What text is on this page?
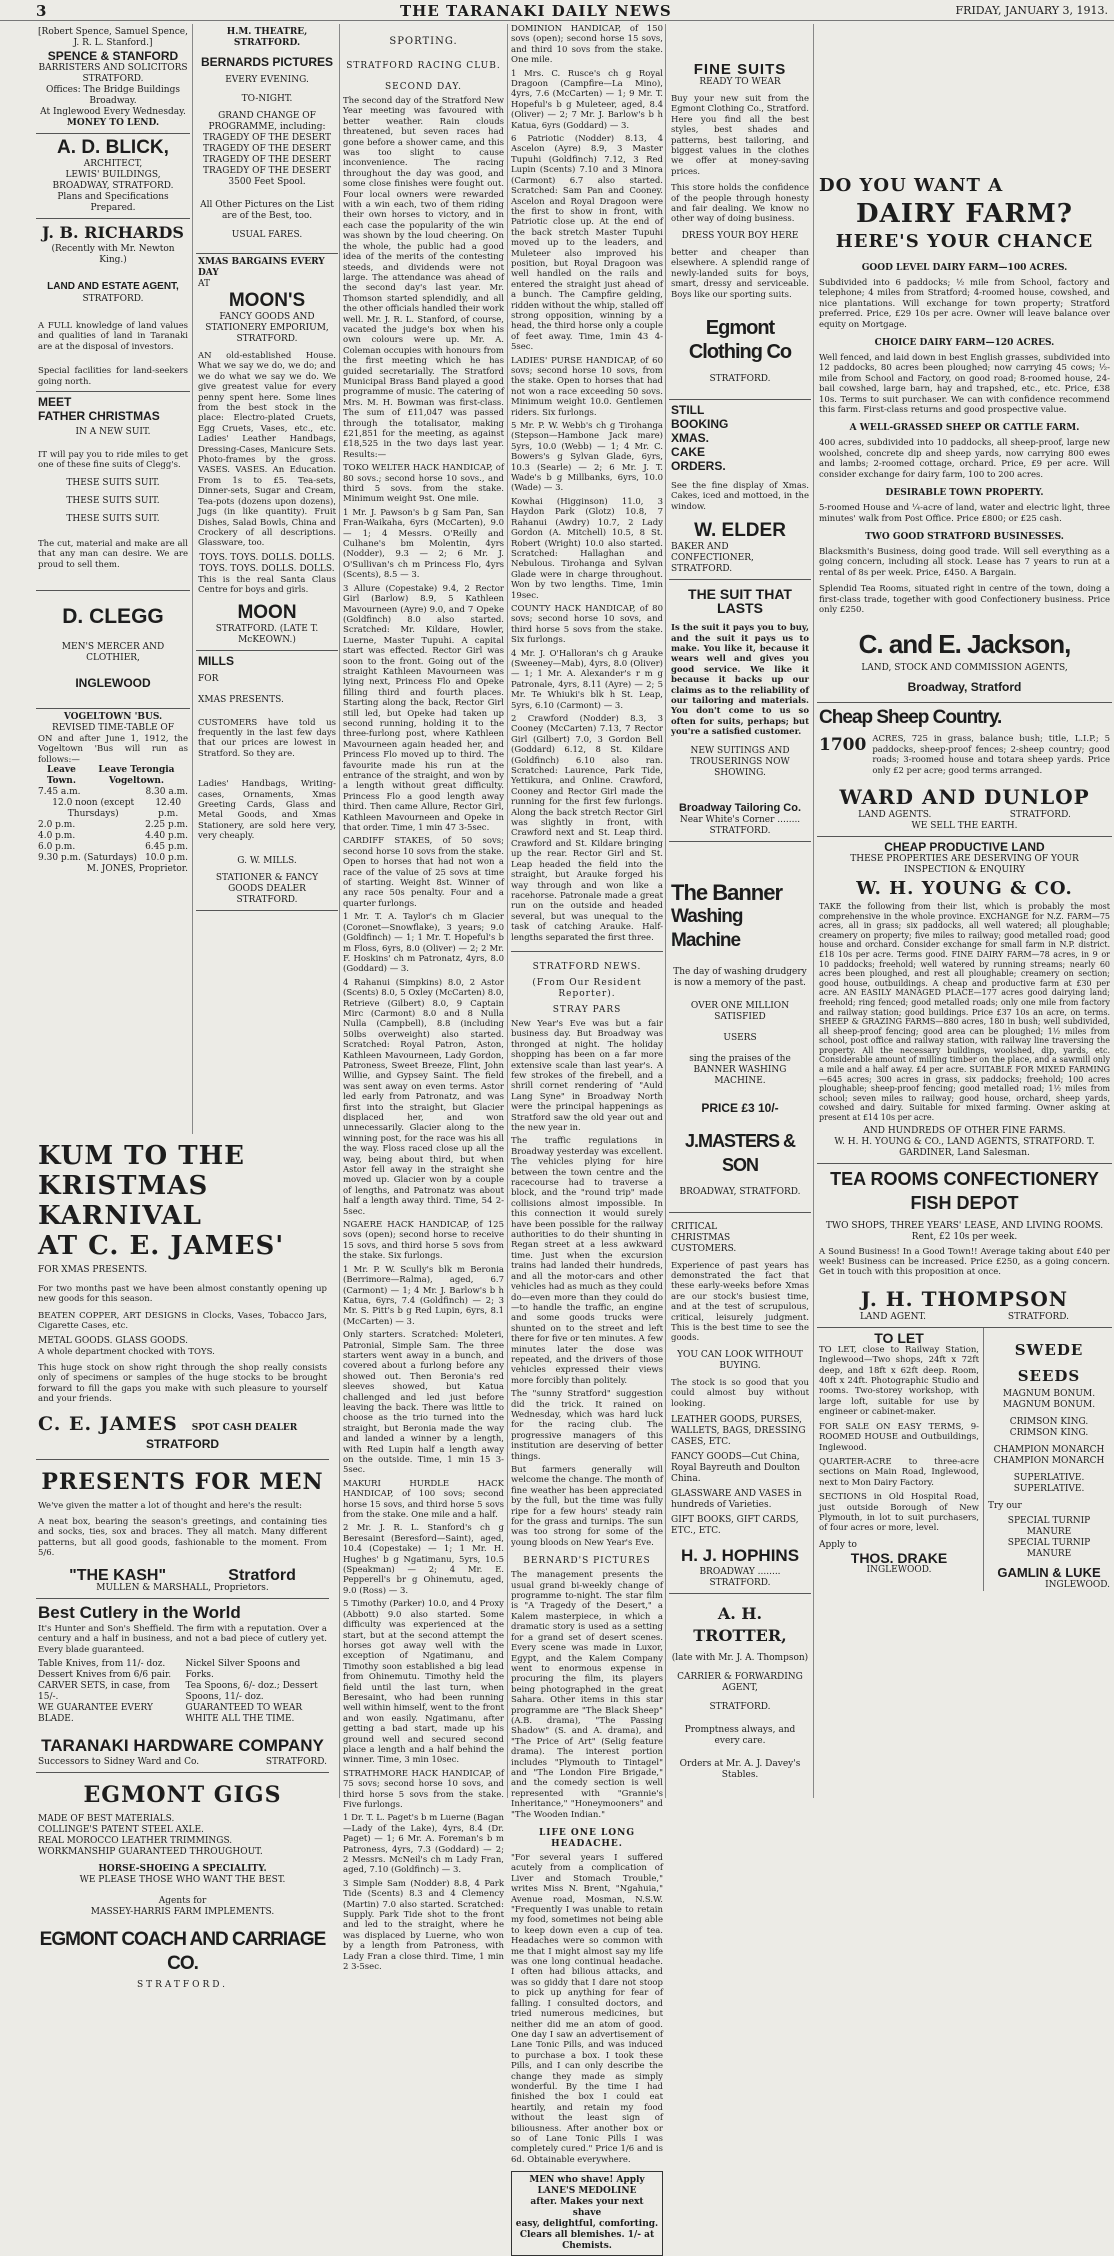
3	THE TARANAKI DAILY NEWS	FRIDAY, JANUARY 3, 1913.
[Robert Spence, Samuel Spence, J. R. L. Stanford.]
SPENCE & STANFORD
BARRISTERS AND SOLICITORS
STRATFORD.
Offices: The Bridge Buildings Broadway.
At Inglewood Every Wednesday.
MONEY TO LEND.
A. D. BLICK,
ARCHITECT,
LEWIS' BUILDINGS, BROADWAY, STRATFORD.
Plans and Specifications Prepared.
J. B. RICHARDS
(Recently with Mr. Newton King.)
LAND AND ESTATE AGENT,
STRATFORD.
A FULL knowledge of land values and qualities of land in Taranaki are at the disposal of investors.
Special facilities for land-seekers going north.
MEET
FATHER CHRISTMAS
IN A NEW SUIT.
IT will pay you to ride miles to get one of these fine suits of Clegg's.
THESE SUITS SUIT.
THESE SUITS SUIT.
THESE SUITS SUIT.
The cut, material and make are all that any man can desire. We are proud to sell them.
D. CLEGG
MEN'S MERCER AND CLOTHIER,
INGLEWOOD
VOGELTOWN 'BUS.
REVISED TIME-TABLE OF
ON and after June 1, 1912, the Vogeltown 'Bus will run as follows:—
Leave Town.
Leave Terongia Vogeltown.
7.45 a.m.	8.30 a.m.
12.0 noon (except Thursdays)
12.40 p.m.
2.0 p.m.	2.25 p.m.
4.0 p.m.	4.40 p.m.
6.0 p.m.	6.45 p.m.
9.30 p.m. (Saturdays) 10.0 p.m.
M. JONES, Proprietor.
H.M. THEATRE, STRATFORD.
BERNARDS PICTURES
EVERY EVENING.
TO-NIGHT.
GRAND CHANGE OF PROGRAMME, including:
TRAGEDY OF THE DESERT
TRAGEDY OF THE DESERT
TRAGEDY OF THE DESERT
TRAGEDY OF THE DESERT
3500 Feet Spool.
All Other Pictures on the List are of the Best, too.
USUAL FARES.
XMAS BARGAINS EVERY DAY
AT
MOON'S
FANCY GOODS AND STATIONERY EMPORIUM, STRATFORD.
AN old-established House. What we say we do, we do; and we do what we say we do. We give greatest value for every penny spent here. Some lines from the best stock in the place: Electro-plated Cruets, Egg Cruets, Vases, etc., etc. Ladies' Leather Handbags, Dressing-Cases, Manicure Sets. Photo-frames by the gross. VASES. VASES. An Education. From 1s to £5. Tea-sets, Dinner-sets, Sugar and Cream, Tea-pots (dozens upon dozens), Jugs (in like quantity). Fruit Dishes, Salad Bowls, China and Crockery of all descriptions. Glassware, too.
TOYS. TOYS. DOLLS. DOLLS.
TOYS. TOYS. DOLLS. DOLLS.
This is the real Santa Claus Centre for boys and girls.
MOON
STRATFORD. (LATE T. McKEOWN.)
MILLS
FOR
XMAS PRESENTS.
CUSTOMERS have told us frequently in the last few days that our prices are lowest in Stratford. So they are.
Ladies' Handbags, Writing-cases, Ornaments, Xmas Greeting Cards, Glass and Metal Goods, and Xmas Stationery, are sold here very, very cheaply.
G. W. MILLS.
STATIONER & FANCY GOODS DEALER
STRATFORD.
KUM TO THE
KRISTMAS KARNIVAL
AT C. E. JAMES'
FOR XMAS PRESENTS.
For two months past we have been almost constantly opening up new goods for this season.
BEATEN COPPER, ART DESIGNS in Clocks, Vases, Tobacco Jars, Cigarette Cases, etc.
METAL GOODS. GLASS GOODS.
A whole department chocked with TOYS.
This huge stock on show right through the shop really consists only of specimens or samples of the huge stocks to be brought forward to fill the gaps you make with such pleasure to yourself and your friends.
C. E. JAMES SPOT CASH DEALER
STRATFORD
PRESENTS FOR MEN
We've given the matter a lot of thought and here's the result:
A neat box, bearing the season's greetings, and containing ties and socks, ties, sox and braces. They all match. Many different patterns, but all good goods, fashionable to the moment. From 5/6.
"THE KASH"	Stratford
MULLEN & MARSHALL, Proprietors.
Best Cutlery in the World
It's Hunter and Son's Sheffield. The firm with a reputation. Over a century and a half in business, and not a bad piece of cutlery yet. Every blade guaranteed.
Table Knives, from 11/- doz.
Dessert Knives from 6/6 pair.
CARVER SETS, in case, from 15/-.
WE GUARANTEE EVERY BLADE.
Nickel Silver Spoons and Forks.
Tea Spoons, 6/- doz.; Dessert Spoons, 11/- doz.
GUARANTEED TO WEAR WHITE ALL THE TIME.
TARANAKI HARDWARE COMPANY
Successors to Sidney Ward and Co.	STRATFORD.
EGMONT GIGS
MADE OF BEST MATERIALS.
COLLINGE'S PATENT STEEL AXLE.
REAL MOROCCO LEATHER TRIMMINGS.
WORKMANSHIP GUARANTEED THROUGHOUT.
HORSE-SHOEING A SPECIALITY.
WE PLEASE THOSE WHO WANT THE BEST.
Agents for
MASSEY-HARRIS FARM IMPLEMENTS.
EGMONT COACH AND CARRIAGE CO.
STRATFORD.
SPORTING.
STRATFORD RACING CLUB.
SECOND DAY.
The second day of the Stratford New Year meeting was favoured with better weather. Rain clouds threatened, but seven races had gone before a shower came, and this was too slight to cause inconvenience. The racing throughout the day was good, and some close finishes were fought out. Four local owners were rewarded with a win each, two of them riding their own horses to victory, and in each case the popularity of the win was shown by the loud cheering. On the whole, the public had a good idea of the merits of the contesting steeds, and dividends were not large. The attendance was ahead of the second day's last year. Mr. Thomson started splendidly, and all the other officials handled their work well. Mr. J. R. L. Stanford, of course, vacated the judge's box when his own colours were up. Mr. A. Coleman occupies with honours from the first meeting which he has guided secretarially. The Stratford Municipal Brass Band played a good programme of music. The catering of Mrs. M. H. Bowman was first-class. The sum of £11,047 was passed through the totalisator, making £21,851 for the meeting, as against £18,525 in the two days last year. Results:—
TOKO WELTER HACK HANDICAP, of 80 sovs.; second horse 10 sovs., and third 5 sovs. from the stake. Minimum weight 9st. One mile.
1 Mr. J. Pawson's b g Sam Pan, San Fran-Waikaha, 6yrs (McCarten), 9.0 — 1; 4 Messrs. O'Reilly and Culhane's bm Molentin, 4yrs (Nodder), 9.3 — 2; 6 Mr. J. O'Sullivan's ch m Princess Flo, 4yrs (Scents), 8.5 — 3.
3 Allure (Copestake) 9.4, 2 Rector Girl (Barlow) 8.9, 5 Kathleen Mavourneen (Ayre) 9.0, and 7 Opeke (Goldfinch) 8.0 also started. Scratched: Mr. Kildare, Howler, Luerne, Master Tupuhi. A capital start was effected. Rector Girl was soon to the front. Going out of the straight Kathleen Mavourneen was lying next, Princess Flo and Opeke filling third and fourth places. Starting along the back, Rector Girl still led, but Opeke had taken up second running, holding it to the three-furlong post, where Kathleen Mavourneen again headed her, and Princess Flo moved up to third. The favourite made his run at the entrance of the straight, and won by a length without great difficulty. Princess Flo a good length away third. Then came Allure, Rector Girl, Kathleen Mavourneen and Opeke in that order. Time, 1 min 47 3-5sec.
CARDIFF STAKES, of 50 sovs; second horse 10 sovs from the stake. Open to horses that had not won a race of the value of 25 sovs at time of starting. Weight 8st. Winner of any race 50s penalty. Four and a quarter furlongs.
1 Mr. T. A. Taylor's ch m Glacier (Coronet—Snowflake), 3 years; 9.0 (Goldfinch) — 1; 1 Mr. T. Hopeful's b m Floss, 6yrs, 8.0 (Oliver) — 2; 2 Mr. F. Hoskins' ch m Patronatz, 4yrs, 8.0 (Goddard) — 3.
4 Rahanui (Simpkins) 8.0, 2 Astor (Scents) 8.0, 5 Oxley (McCarten) 8.0, Retrieve (Gilbert) 8.0, 9 Captain Mirc (Carmont) 8.0 and 8 Nulla Nulla (Campbell), 8.8 (including 50lbs overweight) also started. Scratched: Royal Patron, Aston, Kathleen Mavourneen, Lady Gordon, Patroness, Sweet Breeze, Flint, John Willie, and Gypsey Saint. The field was sent away on even terms. Astor led early from Patronatz, and was first into the straight, but Glacier displaced her, and won unnecessarily. Glacier along to the winning post, for the race was his all the way. Floss raced close up all the way, being about third, but when Astor fell away in the straight she moved up. Glacier won by a couple of lengths, and Patronatz was about half a length away third. Time, 54 2-5sec.
NGAERE HACK HANDICAP, of 125 sovs (open); second horse to receive 15 sovs, and third horse 5 sovs from the stake. Six furlongs.
1 Mr. P. W. Scully's blk m Beronia (Berrimore—Ralma), aged, 6.7 (Carmont) — 1; 4 Mr. J. Barlow's b h Katua, 6yrs, 7.4 (Goldfinch) — 2; 3 Mr. S. Pitt's b g Red Lupin, 6yrs, 8.1 (McCarten) — 3.
Only starters. Scratched: Moleteri, Patronial, Simple Sam. The three starters went away in a bunch, and covered about a furlong before any showed out. Then Beronia's red sleeves showed, but Katua challenged and led just before leaving the back. There was little to choose as the trio turned into the straight, but Beronia made the way and landed a winner by a length, with Red Lupin half a length away on the outside. Time, 1 min 15 3-5sec.
MAKURI HURDLE HACK HANDICAP, of 100 sovs; second horse 15 sovs, and third horse 5 sovs from the stake. One mile and a half.
2 Mr. J. R. L. Stanford's ch g Beresaint (Beresford—Saint), aged, 10.4 (Copestake) — 1; 1 Mr. H. Hughes' b g Ngatimanu, 5yrs, 10.5 (Speakman) — 2; 4 Mr. E. Pepperell's br g Ohinemutu, aged, 9.0 (Ross) — 3.
5 Timothy (Parker) 10.0, and 4 Proxy (Abbott) 9.0 also started. Some difficulty was experienced at the start, but at the second attempt the horses got away well with the exception of Ngatimanu, and Timothy soon established a big lead from Ohinemutu. Timothy held the field until the last turn, when Beresaint, who had been running well within himself, went to the front and won easily. Ngatimanu, after getting a bad start, made up his ground well and secured second place a length and a half behind the winner. Time, 3 min 10sec.
STRATHMORE HACK HANDICAP, of 75 sovs; second horse 10 sovs, and third horse 5 sovs from the stake. Five furlongs.
1 Dr. T. L. Paget's b m Luerne (Bagan—Lady of the Lake), 4yrs, 8.4 (Dr. Paget) — 1; 6 Mr. A. Foreman's b m Patroness, 4yrs, 7.3 (Goddard) — 2; 2 Messrs. McNeil's ch m Lady Fran, aged, 7.10 (Goldfinch) — 3.
3 Simple Sam (Nodder) 8.8, 4 Park Tide (Scents) 8.3 and 4 Clemency (Martin) 7.0 also started. Scratched: Supply. Park Tide shot to the front and led to the straight, where he was displaced by Luerne, who won by a length from Patroness, with Lady Fran a close third. Time, 1 min 2 3-5sec.
DOMINION HANDICAP, of 150 sovs (open); second horse 15 sovs, and third 10 sovs from the stake. One mile.
1 Mrs. C. Rusce's ch g Royal Dragoon (Campfire—La Mino), 4yrs, 7.6 (McCarten) — 1; 9 Mr. T. Hopeful's b g Muleteer, aged, 8.4 (Oliver) — 2; 7 Mr. J. Barlow's b h Katua, 6yrs (Goddard) — 3.
6 Patriotic (Nodder) 8.13, 4 Ascelon (Ayre) 8.9, 3 Master Tupuhi (Goldfinch) 7.12, 3 Red Lupin (Scents) 7.10 and 3 Minora (Carmont) 6.7 also started. Scratched: Sam Pan and Cooney. Ascelon and Royal Dragoon were the first to show in front, with Patriotic close up. At the end of the back stretch Master Tupuhi moved up to the leaders, and Muleteer also improved his position, but Royal Dragoon was well handled on the rails and entered the straight just ahead of a bunch. The Campfire gelding, ridden without the whip, stalled off strong opposition, winning by a head, the third horse only a couple of feet away. Time, 1min 43 4-5sec.
LADIES' PURSE HANDICAP, of 60 sovs; second horse 10 sovs, from the stake. Open to horses that had not won a race exceeding 50 sovs. Minimum weight 10.0. Gentlemen riders. Six furlongs.
5 Mr. P. W. Webb's ch g Tirohanga (Stepson—Hambone Jack mare) 5yrs, 10.0 (Webb) — 1; 4 Mr. C. Bowers's g Sylvan Glade, 6yrs, 10.3 (Searle) — 2; 6 Mr. J. T. Wade's b g Millbanks, 6yrs, 10.0 (Wade) — 3.
Kowhai (Higginson) 11.0, 3 Haydon Park (Glotz) 10.8, 7 Rahanui (Awdry) 10.7, 2 Lady Gordon (A. Mitchell) 10.5, 8 St. Robert (Wright) 10.0 also started. Scratched: Hallaghan and Nebulous. Tirohanga and Sylvan Glade were in charge throughout. Won by two lengths. Time, 1min 19sec.
COUNTY HACK HANDICAP, of 80 sovs; second horse 10 sovs, and third horse 5 sovs from the stake. Six furlongs.
4 Mr. J. O'Halloran's ch g Arauke (Sweeney—Mab), 4yrs, 8.0 (Oliver) — 1; 1 Mr. A. Alexander's r m g Patronale, 4yrs, 8.11 (Ayre) — 2; 5 Mr. Te Whiuki's blk h St. Leap, 5yrs, 6.10 (Carmont) — 3.
2 Crawford (Nodder) 8.3, 3 Cooney (McCarten) 7.13, 7 Rector Girl (Gilbert) 7.0, 3 Gordon Bell (Goddard) 6.12, 8 St. Kildare (Goldfinch) 6.10 also ran. Scratched: Laurence, Park Tide, Yettikura, and Online. Crawford, Cooney and Rector Girl made the running for the first few furlongs. Along the back stretch Rector Girl was slightly in front, with Crawford next and St. Leap third. Crawford and St. Kildare bringing up the rear. Rector Girl and St. Leap headed the field into the straight, but Arauke forged his way through and won like a racehorse. Patronale made a great run on the outside and headed several, but was unequal to the task of catching Arauke. Half-lengths separated the first three.
STRATFORD NEWS.
(From Our Resident Reporter).
STRAY PARS
New Year's Eve was but a fair business day. But Broadway was thronged at night. The holiday shopping has been on a far more extensive scale than last year's. A few strokes of the firebell, and a shrill cornet rendering of "Auld Lang Syne" in Broadway North were the principal happenings as Stratford saw the old year out and the new year in.
The traffic regulations in Broadway yesterday was excellent. The vehicles plying for hire between the town centre and the racecourse had to traverse a block, and the "round trip" made collisions almost impossible. In this connection it would surely have been possible for the railway authorities to do their shunting in Regan street at a less awkward time. Just when the excursion trains had landed their hundreds, and all the motor-cars and other vehicles had as much as they could do—even more than they could do—to handle the traffic, an engine and some goods trucks were shunted on to the street and left there for five or ten minutes. A few minutes later the dose was repeated, and the drivers of those vehicles expressed their views more forcibly than politely.
The "sunny Stratford" suggestion did the trick. It rained on Wednesday, which was hard luck for the racing club. The progressive managers of this institution are deserving of better things.
But farmers generally will welcome the change. The month of fine weather has been appreciated by the full, but the time was fully ripe for a few hours' steady rain for the grass and turnips. The sun was too strong for some of the young bloods on New Year's Eve.
BERNARD'S PICTURES
The management presents the usual grand bi-weekly change of programme to-night. The star film is "A Tragedy of the Desert," a Kalem masterpiece, in which a dramatic story is used as a setting for a grand set of desert scenes. Every scene was made in Luxor, Egypt, and the Kalem Company went to enormous expense in procuring the film, its players being photographed in the great Sahara. Other items in this star programme are "The Black Sheep" (A.B. drama), "The Passing Shadow" (S. and A. drama), and "The Price of Art" (Selig feature drama). The interest portion includes "Plymouth to Tintagel" and "The London Fire Brigade," and the comedy section is well represented with "Grannie's Inheritance," "Honeymooners" and "The Wooden Indian."
LIFE ONE LONG HEADACHE.
"For several years I suffered acutely from a complication of Liver and Stomach Trouble," writes Miss N. Brent, "Ngahuia," Avenue road, Mosman, N.S.W. "Frequently I was unable to retain my food, sometimes not being able to keep down even a cup of tea. Headaches were so common with me that I might almost say my life was one long continual headache. I often had bilious attacks, and was so giddy that I dare not stoop to pick up anything for fear of falling. I consulted doctors, and tried numerous medicines, but neither did me an atom of good. One day I saw an advertisement of Lane Tonic Pills, and was induced to purchase a box. I took these Pills, and I can only describe the change they made as simply wonderful. By the time I had finished the box I could eat heartily, and retain my food without the least sign of biliousness. After another box or so of Lane Tonic Pills I was completely cured." Price 1/6 and is 6d. Obtainable everywhere.
MEN who shave! Apply
LANE'S MEDOLINE
after. Makes your next shave
easy, delightful, comforting.
Clears all blemishes. 1/- at
Chemists.
FINE SUITS
READY TO WEAR
Buy your new suit from the Egmont Clothing Co., Stratford. Here you find all the best styles, best shades and patterns, best tailoring, and biggest values in the clothes we offer at money-saving prices.
This store holds the confidence of the people through honesty and fair dealing. We know no other way of doing business.
DRESS YOUR BOY HERE
better and cheaper than elsewhere. A splendid range of newly-landed suits for boys, smart, dressy and serviceable. Boys like our sporting suits.
Egmont Clothing Co
STRATFORD.
STILL
BOOKING
XMAS.
CAKE
ORDERS.
See the fine display of Xmas. Cakes, iced and mottoed, in the window.
W. ELDER
BAKER AND CONFECTIONER,
STRATFORD.
THE SUIT THAT LASTS
Is the suit it pays you to buy, and the suit it pays us to make. You like it, because it wears well and gives you good service. We like it because it backs up our claims as to the reliability of our tailoring and materials. You don't come to us so often for suits, perhaps; but you're a satisfied customer.
NEW SUITINGS AND TROUSERINGS NOW SHOWING.
Broadway Tailoring Co.
Near White's Corner ........ STRATFORD.
The Banner
Washing Machine
The day of washing drudgery is now a memory of the past.
OVER ONE MILLION SATISFIED
USERS
sing the praises of the BANNER WASHING MACHINE.
PRICE £3 10/-
J.MASTERS & SON
BROADWAY, STRATFORD.
CRITICAL
CHRISTMAS
CUSTOMERS.
Experience of past years has demonstrated the fact that these early-weeks before Xmas are our stock's busiest time, and at the test of scrupulous, critical, leisurely judgment. This is the best time to see the goods.
YOU CAN LOOK WITHOUT BUYING.
The stock is so good that you could almost buy without looking.
LEATHER GOODS, PURSES, WALLETS, BAGS, DRESSING CASES, ETC.
FANCY GOODS—Cut China, Royal Bayreuth and Doulton China.
GLASSWARE AND VASES in hundreds of Varieties.
GIFT BOOKS, GIFT CARDS, ETC., ETC.
H. J. HOPHINS
BROADWAY ........ STRATFORD.
A. H. TROTTER,
(late with Mr. J. A. Thompson)
CARRIER & FORWARDING AGENT,
STRATFORD.
Promptness always, and every care.
Orders at Mr. A. J. Davey's Stables.
DO YOU WANT A
DAIRY FARM?
HERE'S YOUR CHANCE
GOOD LEVEL DAIRY FARM—100 ACRES.
Subdivided into 6 paddocks; ½ mile from School, factory and telephone; 4 miles from Stratford; 4-roomed house, cowshed, and nice plantations. Will exchange for town property; Stratford preferred. Price, £29 10s per acre. Owner will leave balance over equity on Mortgage.
CHOICE DAIRY FARM—120 ACRES.
Well fenced, and laid down in best English grasses, subdivided into 12 paddocks, 80 acres been ploughed; now carrying 45 cows; ½-mile from School and Factory, on good road; 8-roomed house, 24-bail cowshed, large barn, hay and trapshed, etc., etc. Price, £38 10s. Terms to suit purchaser. We can with confidence recommend this farm. First-class returns and good prospective value.
A WELL-GRASSED SHEEP OR CATTLE FARM.
400 acres, subdivided into 10 paddocks, all sheep-proof, large new woolshed, concrete dip and sheep yards, now carrying 800 ewes and lambs; 2-roomed cottage, orchard. Price, £9 per acre. Will consider exchange for dairy farm, 100 to 200 acres.
DESIRABLE TOWN PROPERTY.
5-roomed House and ¼-acre of land, water and electric light, three minutes' walk from Post Office. Price £800; or £25 cash.
TWO GOOD STRATFORD BUSINESSES.
Blacksmith's Business, doing good trade. Will sell everything as a going concern, including all stock. Lease has 7 years to run at a rental of 8s per week. Price, £450. A Bargain.
Splendid Tea Rooms, situated right in centre of the town, doing a first-class trade, together with good Confectionery business. Price only £250.
C. and E. Jackson,
LAND, STOCK AND COMMISSION AGENTS,
Broadway, Stratford
Cheap Sheep Country.
1700 ACRES, 725 in grass, balance bush; title, L.I.P.; 5 paddocks, sheep-proof fences; 2-sheep country; good roads; 3-roomed house and totara sheep yards. Price only £2 per acre; good terms arranged.
WARD AND DUNLOP
LAND AGENTS.	STRATFORD.
WE SELL THE EARTH.
CHEAP PRODUCTIVE LAND
THESE PROPERTIES ARE DESERVING OF YOUR INSPECTION & ENQUIRY
W. H. YOUNG & CO.
TAKE the following from their list, which is probably the most comprehensive in the whole province. EXCHANGE for N.Z. FARM—75 acres, all in grass; six paddocks, all well watered; all ploughable; creamery on property; five miles to railway; good metalled road; good house and orchard. Consider exchange for small farm in N.P. district. £18 10s per acre. Terms good. FINE DAIRY FARM—78 acres, in 9 or 10 paddocks; freehold; well watered by running streams; nearly 60 acres been ploughed, and rest all ploughable; creamery on section; good house, outbuildings. A cheap and productive farm at £30 per acre. AN EASILY MANAGED PLACE—177 acres good dairying land; freehold; ring fenced; good metalled roads; only one mile from factory and railway station; good buildings. Price £37 10s an acre, on terms. SHEEP & GRAZING FARMS—880 acres, 180 in bush; well subdivided, all sheep-proof fencing; good area can be ploughed; 1½ miles from school, post office and railway station, with railway line traversing the property. All the necessary buildings, woolshed, dip, yards, etc. Considerable amount of milling timber on the place, and a sawmill only a mile and a half away. £4 per acre. SUITABLE FOR MIXED FARMING—645 acres; 300 acres in grass, six paddocks; freehold; 100 acres ploughable; sheep-proof fencing; good metalled road; 1½ miles from school; seven miles to railway; good house, orchard, sheep yards, cowshed and dairy. Suitable for mixed farming. Owner asking at present at £14 10s per acre.
AND HUNDREDS OF OTHER FINE FARMS.
W. H. H. YOUNG & CO., LAND AGENTS, STRATFORD. T. GARDINER, Land Salesman.
TEA ROOMS CONFECTIONERY
FISH DEPOT
TWO SHOPS, THREE YEARS' LEASE, AND LIVING ROOMS.
Rent, £2 10s per week.
A Sound Business! In a Good Town!! Average taking about £40 per week! Business can be increased. Price £250, as a going concern. Get in touch with this proposition at once.
J. H. THOMPSON
LAND AGENT.	STRATFORD.
TO LET
TO LET, close to Railway Station, Inglewood—Two shops, 24ft x 72ft deep, and 18ft x 62ft deep. Room, 40ft x 24ft. Photographic Studio and rooms. Two-storey workshop, with large loft, suitable for use by engineer or cabinet-maker.
FOR SALE ON EASY TERMS, 9-ROOMED HOUSE and Outbuildings, Inglewood.
QUARTER-ACRE to three-acre sections on Main Road, Inglewood, next to Mon Dairy Factory.
SECTIONS in Old Hospital Road, just outside Borough of New Plymouth, in lot to suit purchasers, of four acres or more, level.
Apply to
THOS. DRAKE
INGLEWOOD.
SWEDE SEEDS
MAGNUM BONUM.
MAGNUM BONUM.
CRIMSON KING.
CRIMSON KING.
CHAMPION MONARCH
CHAMPION MONARCH
SUPERLATIVE.
SUPERLATIVE.
Try our
SPECIAL TURNIP MANURE
SPECIAL TURNIP MANURE
GAMLIN & LUKE
INGLEWOOD.
